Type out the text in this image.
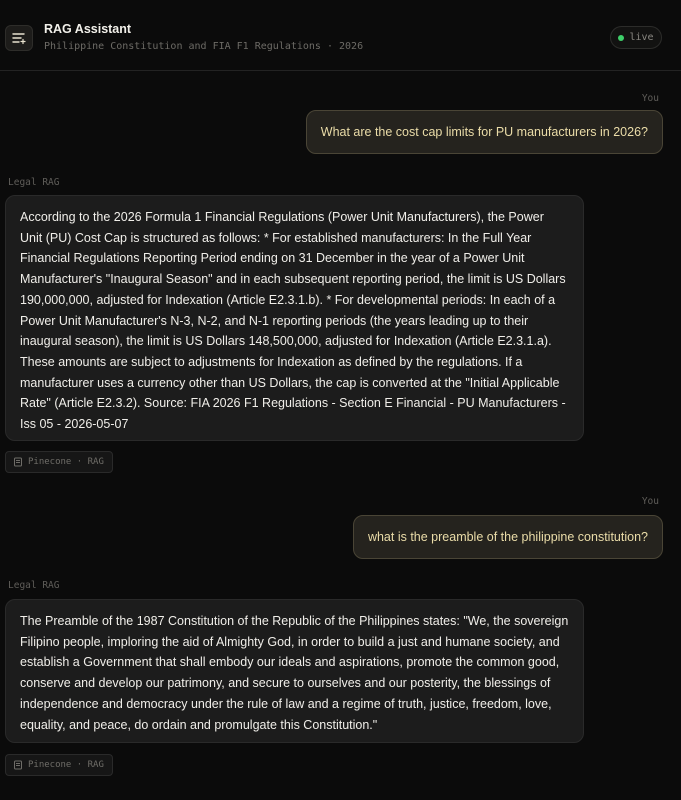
RAG Assistant
Philippine Constitution and FIA F1 Regulations · 2026
live
You
What are the cost cap limits for PU manufacturers in 2026?
Legal RAG
According to the 2026 Formula 1 Financial Regulations (Power Unit Manufacturers), the Power Unit (PU) Cost Cap is structured as follows: * For established manufacturers: In the Full Year Financial Regulations Reporting Period ending on 31 December in the year of a Power Unit Manufacturer's "Inaugural Season" and in each subsequent reporting period, the limit is US Dollars 190,000,000, adjusted for Indexation (Article E2.3.1.b). * For developmental periods: In each of a Power Unit Manufacturer's N-3, N-2, and N-1 reporting periods (the years leading up to their inaugural season), the limit is US Dollars 148,500,000, adjusted for Indexation (Article E2.3.1.a). These amounts are subject to adjustments for Indexation as defined by the regulations. If a manufacturer uses a currency other than US Dollars, the cap is converted at the "Initial Applicable Rate" (Article E2.3.2). Source: FIA 2026 F1 Regulations - Section E Financial - PU Manufacturers - Iss 05 - 2026-05-07
Pinecone · RAG
You
what is the preamble of the philippine constitution?
Legal RAG
The Preamble of the 1987 Constitution of the Republic of the Philippines states: "We, the sovereign Filipino people, imploring the aid of Almighty God, in order to build a just and humane society, and establish a Government that shall embody our ideals and aspirations, promote the common good, conserve and develop our patrimony, and secure to ourselves and our posterity, the blessings of independence and democracy under the rule of law and a regime of truth, justice, freedom, love, equality, and peace, do ordain and promulgate this Constitution."
Pinecone · RAG
